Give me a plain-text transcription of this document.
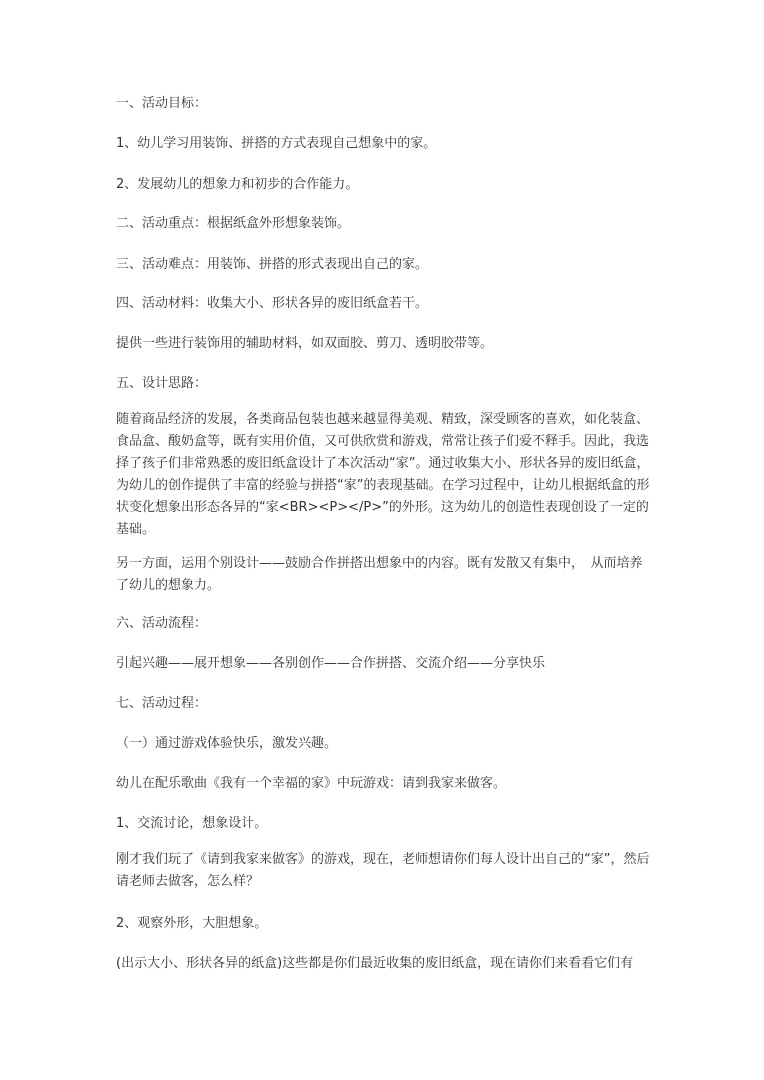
一、活动目标：

1、幼儿学习用装饰、拼搭的方式表现自己想象中的家。

2、发展幼儿的想象力和初步的合作能力。

二、活动重点：根据纸盒外形想象装饰。

三、活动难点：用装饰、拼搭的形式表现出自己的家。

四、活动材料：收集大小、形状各异的废旧纸盒若干。

提供一些进行装饰用的辅助材料，如双面胶、剪刀、透明胶带等。

五、设计思路：

随着商品经济的发展，各类商品包装也越来越显得美观、精致，深受顾客的喜欢，如化装盒、食品盒、酸奶盒等，既有实用价值，又可供欣赏和游戏，常常让孩子们爱不释手。因此，我选择了孩子们非常熟悉的废旧纸盒设计了本次活动“家”。通过收集大小、形状各异的废旧纸盒，为幼儿的创作提供了丰富的经验与拼搭“家”的表现基础。在学习过程中，让幼儿根据纸盒的形状变化想象出形态各异的“家<BR><P></P>”的外形。这为幼儿的创造性表现创设了一定的基础。

另一方面，运用个别设计——鼓励合作拼搭出想象中的内容。既有发散又有集中，　从而培养了幼儿的想象力。

六、活动流程：

引起兴趣——展开想象——各别创作——合作拼搭、交流介绍——分享快乐

七、活动过程：

（一）通过游戏体验快乐，激发兴趣。

幼儿在配乐歌曲《我有一个幸福的家》中玩游戏：请到我家来做客。

1、交流讨论，想象设计。

刚才我们玩了《请到我家来做客》的游戏，现在，老师想请你们每人设计出自己的“家”，然后请老师去做客，怎么样？

2、观察外形，大胆想象。

(出示大小、形状各异的纸盒)这些都是你们最近收集的废旧纸盒，现在请你们来看看它们有
